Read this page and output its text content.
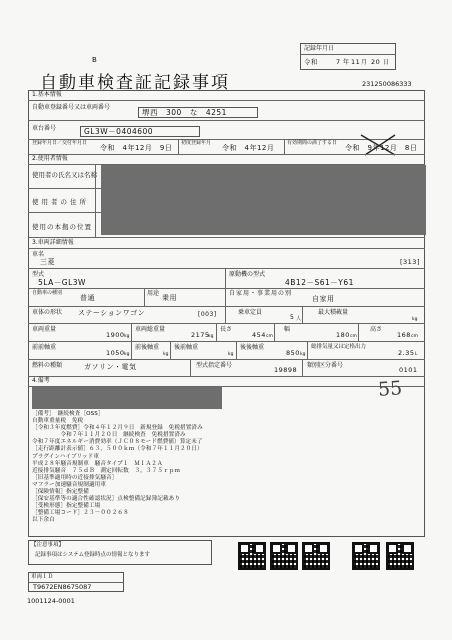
B
自動車検査証記録事項
記録年月日
令和	7 年 11 月 20 日
231250086333
1.基本情報
自動車登録番号又は車両番号
堺西　300　な　4251
車台番号	GL3W－0404600
登録年月日／交付年月日
令和　4年12月　9日
初度登録年月
令和　4年12月
有効期間の満了する日
令和　9年12月　8日
2.使用者情報
使用者の氏名又は名称
使用者の住所
使用の本拠の位置
3.車両詳細情報
車名
三菱	[313]
型式
5LA－GL3W
原動機の型式
4B12－S61－Y61
自動車の種別
普通
用途
乗用
自家用・事業用の別
自家用
車体の形状 ステーションワゴン	[003]	乗車定員
5 人
最大積載量
kg
車両重量
1900 kg
車両総重量
2175
kg
長さ
454 cm
幅
180 cm
高さ
168 cm
前前軸重
1050 kg
前後軸重
kg
後前軸重
kg
後後軸重
850 kg
総排気量又は定格出力
2.35 L
燃料の種類	ガソリン・電気	型式指定番号
19898
類別区分番号
0101
4.備考	55
［備考］　継続検査［OSS］
自動車重量税　免税
［令和３年度燃費］令和４年１２月９日　新規登録　免税措置済み
　　　　　令和７年１１月２０日　継続検査　免税措置済み
令和７年度エネルギー消費効率（ＪＣ０８モード燃費値）算定未了
［走行距離計表示値］６３，５００ｋｍ（令和７年１１月２０日）
プラグインハイブリッド車
平成２８年騒音規制車　騒音タイプ１　ＭＩＡ２Ａ
近接排気騒音　７５ｄＢ　測定回転数　３，３７５ｒｐｍ
［旧基準適用時の近接排気騒音］
マフラー加速騒音規制適用車
［保険情報］指定整備
［保安基準等の適合性確認状況］点検整備記録簿記載あり
［受検形態］指定整備工場
［整備工場コード］２３－００２６８
以下余白
【注意事項】
記録事項はシステム登録時点の情報となります
車両ＩＤ
T9672EN8675087
1001124-0001
